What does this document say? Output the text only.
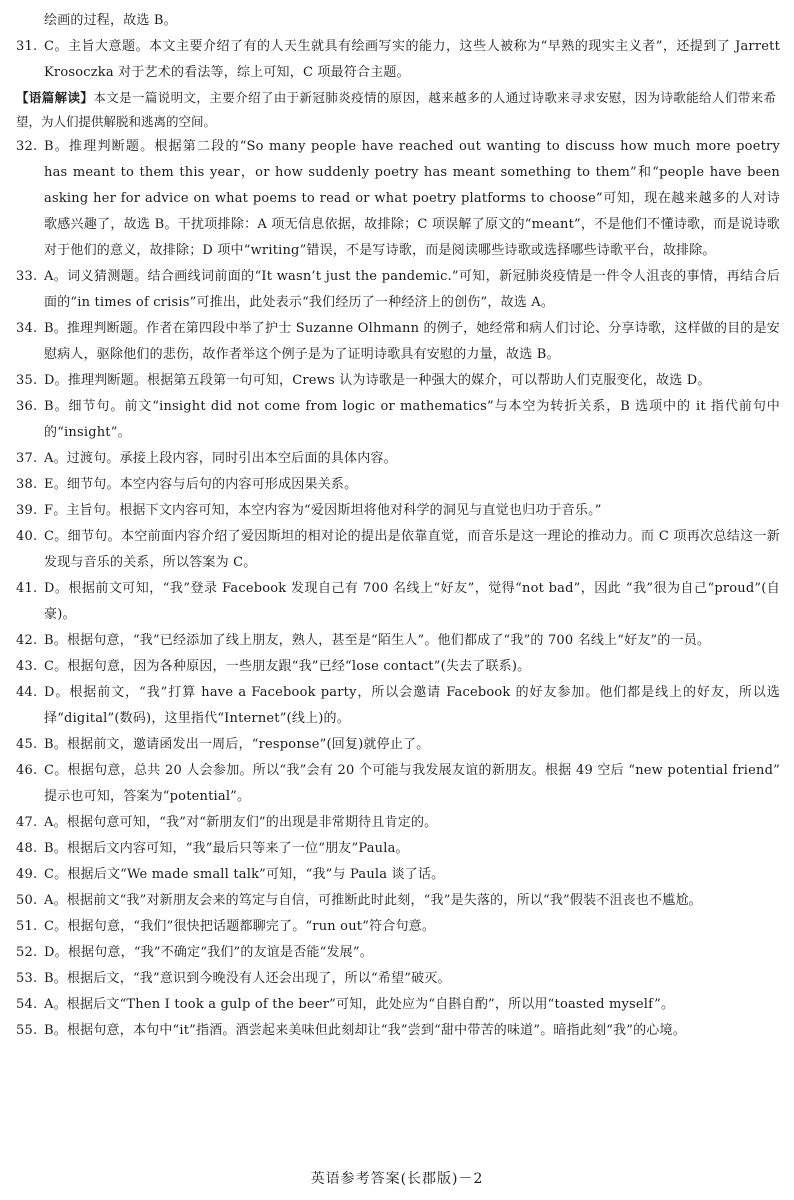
绘画的过程，故选 B。
31. C。主旨大意题。本文主要介绍了有的人天生就具有绘画写实的能力，这些人被称为“早熟的现实主义者”，还提到了 Jarrett Krosoczka 对于艺术的看法等，综上可知，C 项最符合主题。
【语篇解读】本文是一篇说明文，主要介绍了由于新冠肺炎疫情的原因，越来越多的人通过诗歌来寻求安慰，因为诗歌能给人们带来希望，为人们提供解脱和逃离的空间。
32. B。推理判断题。根据第二段的“So many people have reached out wanting to discuss how much more poetry has meant to them this year，or how suddenly poetry has meant something to them”和“people have been asking her for advice on what poems to read or what poetry platforms to choose”可知，现在越来越多的人对诗歌感兴趣了，故选 B。干扰项排除：A 项无信息依据，故排除；C 项误解了原文的“meant”，不是他们不懂诗歌，而是说诗歌对于他们的意义，故排除；D 项中“writing”错误，不是写诗歌，而是阅读哪些诗歌或选择哪些诗歌平台，故排除。
33. A。词义猜测题。结合画线词前面的“It wasn’t just the pandemic.”可知，新冠肺炎疫情是一件令人沮丧的事情，再结合后面的“in times of crisis”可推出，此处表示“我们经历了一种经济上的创伤”，故选 A。
34. B。推理判断题。作者在第四段中举了护士 Suzanne Olhmann 的例子，她经常和病人们讨论、分享诗歌，这样做的目的是安慰病人，驱除他们的悲伤，故作者举这个例子是为了证明诗歌具有安慰的力量，故选 B。
35. D。推理判断题。根据第五段第一句可知，Crews 认为诗歌是一种强大的媒介，可以帮助人们克服变化，故选 D。
36. B。细节句。前文“insight did not come from logic or mathematics”与本空为转折关系，B 选项中的 it 指代前句中的“insight”。
37. A。过渡句。承接上段内容，同时引出本空后面的具体内容。
38. E。细节句。本空内容与后句的内容可形成因果关系。
39. F。主旨句。根据下文内容可知，本空内容为“爱因斯坦将他对科学的洞见与直觉也归功于音乐。”
40. C。细节句。本空前面内容介绍了爱因斯坦的相对论的提出是依靠直觉，而音乐是这一理论的推动力。而 C 项再次总结这一新发现与音乐的关系，所以答案为 C。
41. D。根据前文可知，“我”登录 Facebook 发现自己有 700 名线上“好友”，觉得“not bad”，因此 “我”很为自己“proud”(自豪)。
42. B。根据句意，“我”已经添加了线上朋友，熟人，甚至是“陌生人”。他们都成了“我”的 700 名线上“好友”的一员。
43. C。根据句意，因为各种原因，一些朋友跟“我”已经“lose contact”(失去了联系)。
44. D。根据前文，“我”打算 have a Facebook party，所以会邀请 Facebook 的好友参加。他们都是线上的好友，所以选择“digital”(数码)，这里指代“Internet”(线上)的。
45. B。根据前文，邀请函发出一周后，“response”(回复)就停止了。
46. C。根据句意，总共 20 人会参加。所以“我”会有 20 个可能与我发展友谊的新朋友。根据 49 空后 “new potential friend” 提示也可知，答案为“potential”。
47. A。根据句意可知，“我”对“新朋友们”的出现是非常期待且肯定的。
48. B。根据后文内容可知，“我”最后只等来了一位“朋友”Paula。
49. C。根据后文“We made small talk”可知，“我”与 Paula 谈了话。
50. A。根据前文“我”对新朋友会来的笃定与自信，可推断此时此刻，“我”是失落的，所以“我”假装不沮丧也不尴尬。
51. C。根据句意，“我们”很快把话题都聊完了。“run out”符合句意。
52. D。根据句意，“我”不确定“我们”的友谊是否能“发展”。
53. B。根据后文，“我”意识到今晚没有人还会出现了，所以“希望”破灭。
54. A。根据后文“Then I took a gulp of the beer”可知，此处应为“自斟自酌”，所以用“toasted myself”。
55. B。根据句意，本句中“it”指酒。酒尝起来美味但此刻却让“我”尝到“甜中带苦的味道”。暗指此刻“我”的心境。
英语参考答案(长郡版)－2
